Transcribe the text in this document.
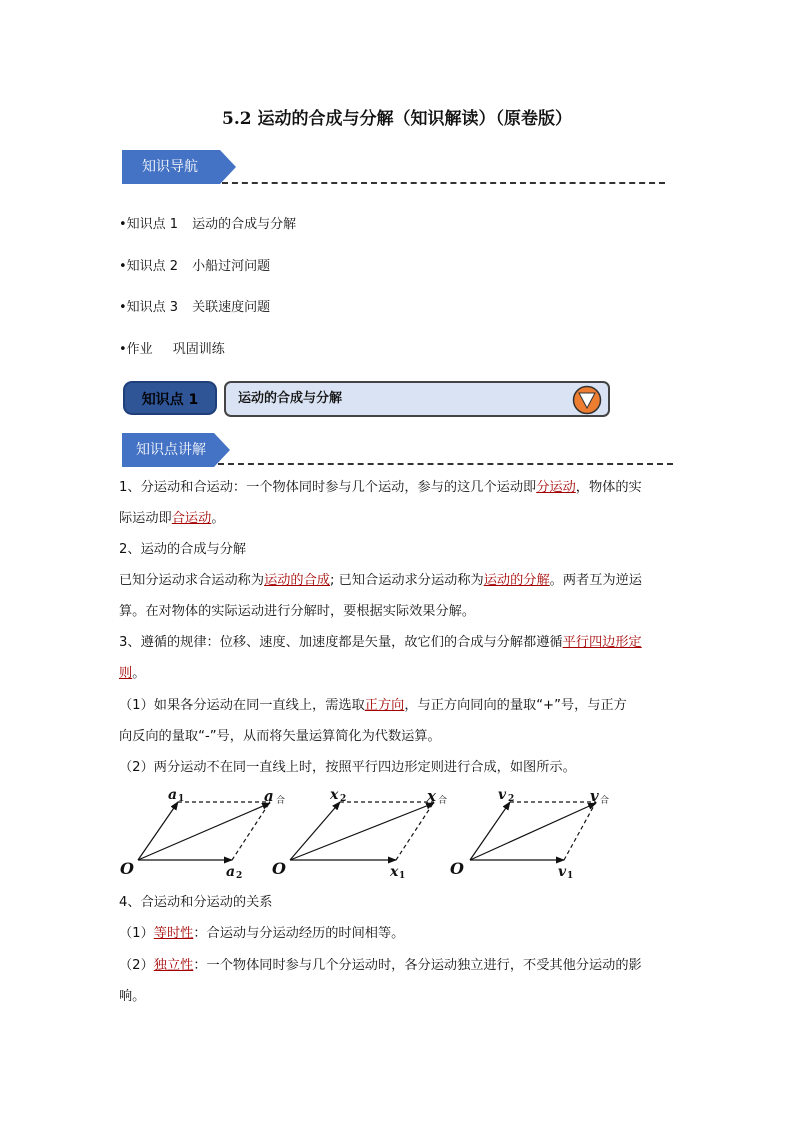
5.2 运动的合成与分解（知识解读）（原卷版）
知识导航
•知识点 1 运动的合成与分解
•知识点 2 小船过河问题
•知识点 3 关联速度问题
•作业 巩固训练
知识点 1	运动的合成与分解
知识点讲解
1、分运动和合运动：一个物体同时参与几个运动，参与的这几个运动即分运动，物体的实
际运动即合运动。
2、运动的合成与分解
已知分运动求合运动称为运动的合成; 已知合运动求分运动称为运动的分解。两者互为逆运
算。在对物体的实际运动进行分解时，要根据实际效果分解。
3、遵循的规律：位移、速度、加速度都是矢量，故它们的合成与分解都遵循平行四边形定
则。
（1）如果各分运动在同一直线上，需选取正方向，与正方向同向的量取“+”号，与正方
向反向的量取“-”号，从而将矢量运算简化为代数运算。
（2）两分运动不在同一直线上时，按照平行四边形定则进行合成，如图所示。
O
a 1
a 2
a 合
O
x 2
x 1
x 合
O
v 2
v 1
v 合
4、合运动和分运动的关系
（1）等时性：合运动与分运动经历的时间相等。
（2）独立性：一个物体同时参与几个分运动时，各分运动独立进行，不受其他分运动的影
响。
